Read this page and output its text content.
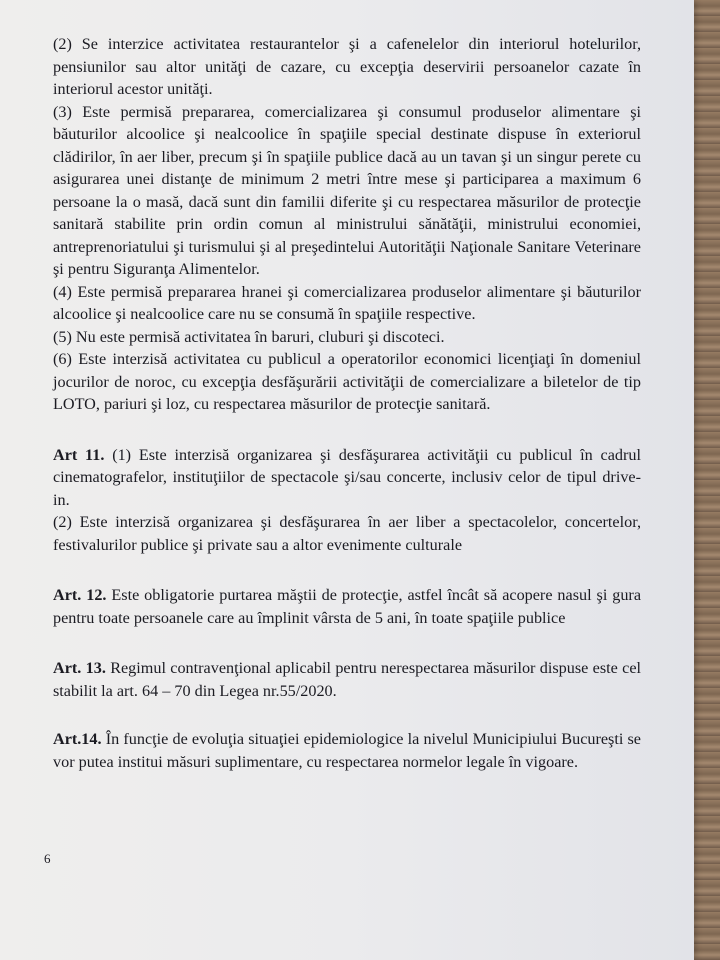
(2) Se interzice activitatea restaurantelor şi a cafenelelor din interiorul hotelurilor, pensiunilor sau altor unităţi de cazare, cu excepţia deservirii persoanelor cazate în interiorul acestor unităţi.

(3) Este permisă prepararea, comercializarea şi consumul produselor alimentare şi băuturilor alcoolice şi nealcoolice în spaţiile special destinate dispuse în exteriorul clădirilor, în aer liber, precum şi în spaţiile publice dacă au un tavan şi un singur perete cu asigurarea unei distanţe de minimum 2 metri între mese şi participarea a maximum 6 persoane la o masă, dacă sunt din familii diferite şi cu respectarea măsurilor de protecţie sanitară stabilite prin ordin comun al ministrului sănătăţii, ministrului economiei, antreprenoriatului şi turismului şi al preşedintelui Autorităţii Naţionale Sanitare Veterinare şi pentru Siguranţa Alimentelor.

(4) Este permisă prepararea hranei şi comercializarea produselor alimentare şi băuturilor alcoolice şi nealcoolice care nu se consumă în spaţiile respective.

(5) Nu este permisă activitatea în baruri, cluburi şi discoteci.

(6) Este interzisă activitatea cu publicul a operatorilor economici licenţiaţi în domeniul jocurilor de noroc, cu excepţia desfăşurării activităţii de comercializare a biletelor de tip LOTO, pariuri şi loz, cu respectarea măsurilor de protecţie sanitară.

Art 11. (1) Este interzisă organizarea şi desfăşurarea activităţii cu publicul în cadrul cinematografelor, instituţiilor de spectacole şi/sau concerte, inclusiv celor de tipul drive-in.

(2) Este interzisă organizarea şi desfăşurarea în aer liber a spectacolelor, concertelor, festivalurilor publice şi private sau a altor evenimente culturale

Art. 12. Este obligatorie purtarea măştii de protecţie, astfel încât să acopere nasul şi gura pentru toate persoanele care au împlinit vârsta de 5 ani, în toate spaţiile publice

Art. 13. Regimul contravenţional aplicabil pentru nerespectarea măsurilor dispuse este cel stabilit la art. 64 – 70 din Legea nr.55/2020.

Art.14. În funcţie de evoluţia situaţiei epidemiologice la nivelul Municipiului Bucureşti se vor putea institui măsuri suplimentare, cu respectarea normelor legale în vigoare.

6
